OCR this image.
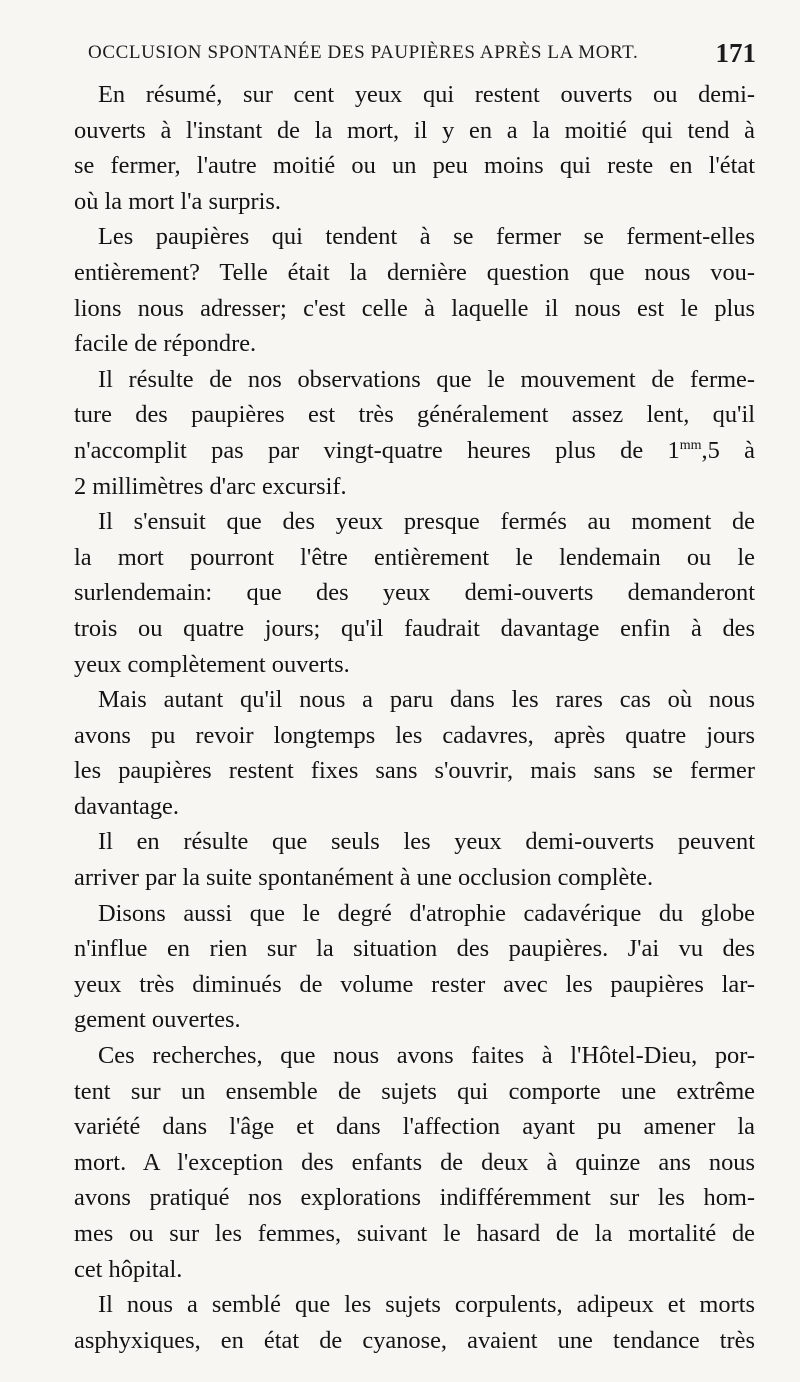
OCCLUSION SPONTANÉE DES PAUPIÈRES APRÈS LA MORT.	171

En résumé, sur cent yeux qui restent ouverts ou demi-
ouverts à l'instant de la mort, il y en a la moitié qui tend à
se fermer, l'autre moitié ou un peu moins qui reste en l'état
où la mort l'a surpris.

Les paupières qui tendent à se fermer se ferment-elles
entièrement? Telle était la dernière question que nous vou-
lions nous adresser; c'est celle à laquelle il nous est le plus
facile de répondre.

Il résulte de nos observations que le mouvement de ferme-
ture des paupières est très généralement assez lent, qu'il
n'accomplit pas par vingt-quatre heures plus de $1^{mm},5$ à
2 millimètres d'arc excursif.

Il s'ensuit que des yeux presque fermés au moment de
la mort pourront l'être entièrement le lendemain ou le
surlendemain: que des yeux demi-ouverts demanderont
trois ou quatre jours; qu'il faudrait davantage enfin à des
yeux complètement ouverts.

Mais autant qu'il nous a paru dans les rares cas où nous
avons pu revoir longtemps les cadavres, après quatre jours
les paupières restent fixes sans s'ouvrir, mais sans se fermer
davantage.

Il en résulte que seuls les yeux demi-ouverts peuvent
arriver par la suite spontanément à une occlusion complète.

Disons aussi que le degré d'atrophie cadavérique du globe
n'influe en rien sur la situation des paupières. J'ai vu des
yeux très diminués de volume rester avec les paupières lar-
gement ouvertes.

Ces recherches, que nous avons faites à l'Hôtel-Dieu, por-
tent sur un ensemble de sujets qui comporte une extrême
variété dans l'âge et dans l'affection ayant pu amener la
mort. A l'exception des enfants de deux à quinze ans nous
avons pratiqué nos explorations indifféremment sur les hom-
mes ou sur les femmes, suivant le hasard de la mortalité de
cet hôpital.

Il nous a semblé que les sujets corpulents, adipeux et morts
asphyxiques, en état de cyanose, avaient une tendance très
